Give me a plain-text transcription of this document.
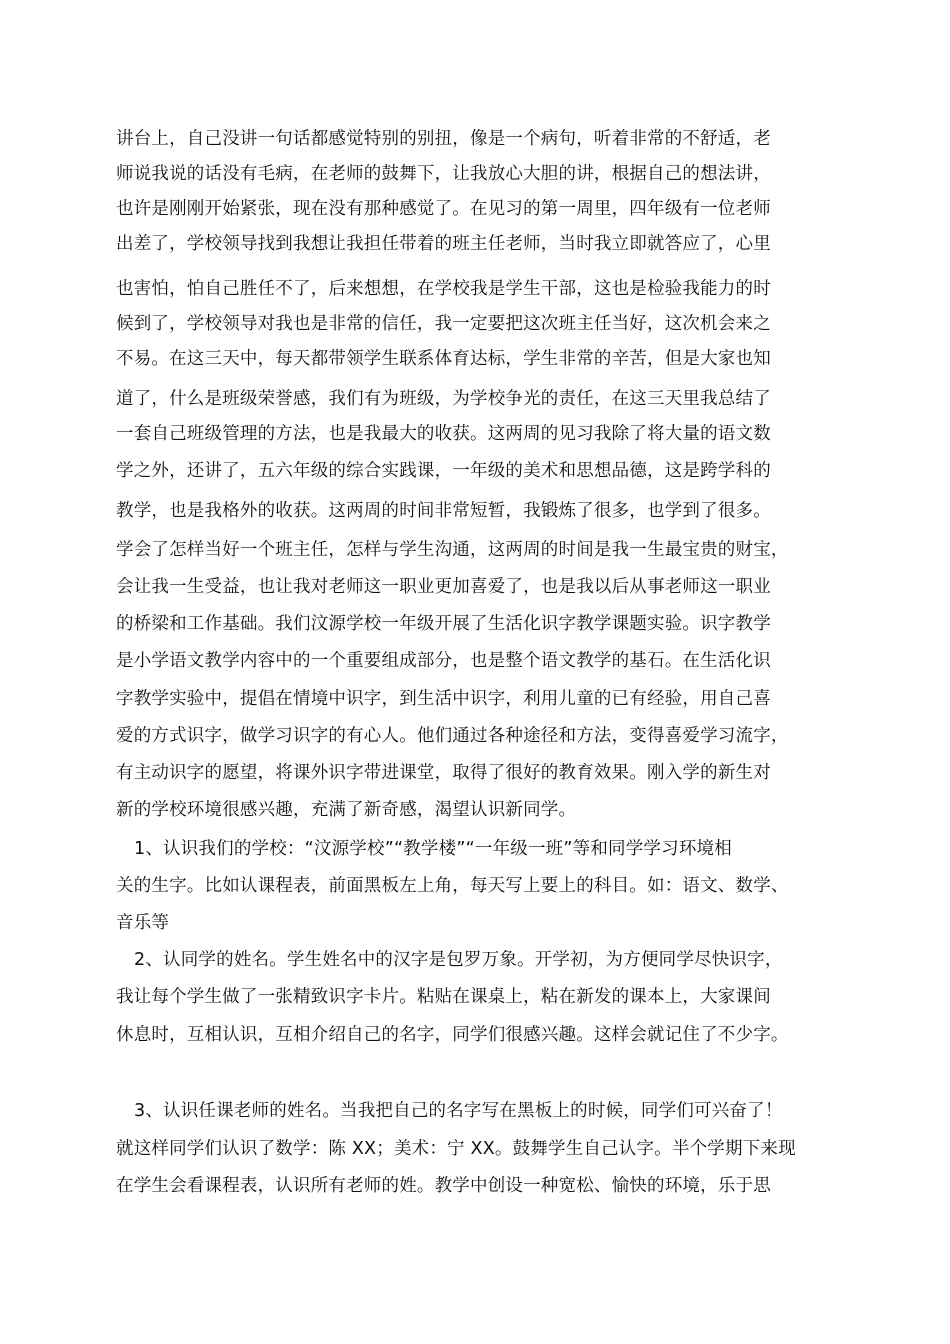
讲台上，自己没讲一句话都感觉特别的别扭，像是一个病句，听着非常的不舒适，老
师说我说的话没有毛病，在老师的鼓舞下，让我放心大胆的讲，根据自己的想法讲，
也许是刚刚开始紧张，现在没有那种感觉了。在见习的第一周里，四年级有一位老师
出差了，学校领导找到我想让我担任带着的班主任老师，当时我立即就答应了，心里
也害怕，怕自己胜任不了，后来想想，在学校我是学生干部，这也是检验我能力的时
候到了，学校领导对我也是非常的信任，我一定要把这次班主任当好，这次机会来之
不易。在这三天中，每天都带领学生联系体育达标，学生非常的辛苦，但是大家也知
道了，什么是班级荣誉感，我们有为班级，为学校争光的责任，在这三天里我总结了
一套自己班级管理的方法，也是我最大的收获。这两周的见习我除了将大量的语文数
学之外，还讲了，五六年级的综合实践课，一年级的美术和思想品德，这是跨学科的
教学，也是我格外的收获。这两周的时间非常短暂，我锻炼了很多，也学到了很多。
学会了怎样当好一个班主任，怎样与学生沟通，这两周的时间是我一生最宝贵的财宝，
会让我一生受益，也让我对老师这一职业更加喜爱了，也是我以后从事老师这一职业
的桥梁和工作基础。我们汶源学校一年级开展了生活化识字教学课题实验。识字教学
是小学语文教学内容中的一个重要组成部分，也是整个语文教学的基石。在生活化识
字教学实验中，提倡在情境中识字，到生活中识字，利用儿童的已有经验，用自己喜
爱的方式识字，做学习识字的有心人。他们通过各种途径和方法，变得喜爱学习流字，
有主动识字的愿望，将课外识字带进课堂，取得了很好的教育效果。刚入学的新生对
新的学校环境很感兴趣，充满了新奇感，渴望认识新同学。
1、认识我们的学校：“汶源学校”“教学楼”“一年级一班”等和同学学习环境相
关的生字。比如认课程表，前面黑板左上角，每天写上要上的科目。如：语文、数学、
音乐等
2、认同学的姓名。学生姓名中的汉字是包罗万象。开学初，为方便同学尽快识字，
我让每个学生做了一张精致识字卡片。粘贴在课桌上，粘在新发的课本上，大家课间
休息时，互相认识，互相介绍自己的名字，同学们很感兴趣。这样会就记住了不少字。
3、认识任课老师的姓名。当我把自己的名字写在黑板上的时候，同学们可兴奋了！
就这样同学们认识了数学：陈 XX；美术：宁 XX。鼓舞学生自己认字。半个学期下来现
在学生会看课程表，认识所有老师的姓。教学中创设一种宽松、愉快的环境，乐于思
